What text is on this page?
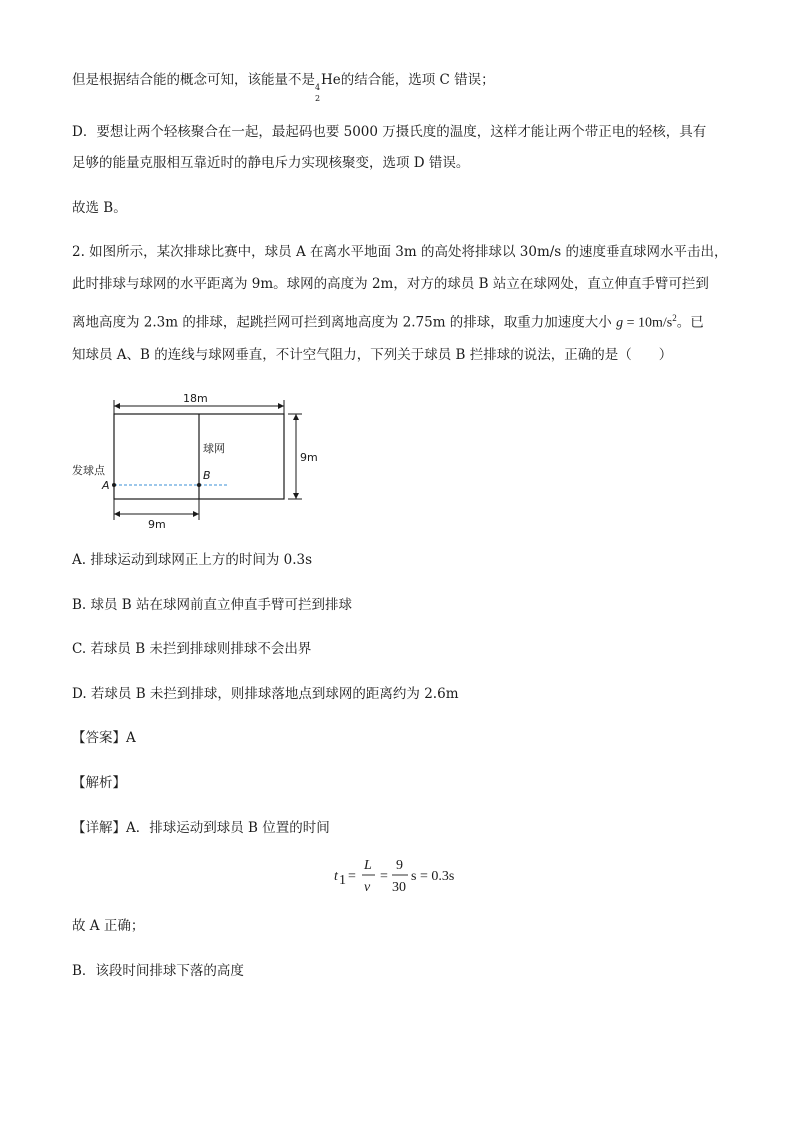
但是根据结合能的概念可知，该能量不是 4
2
He的结合能，选项 C 错误；
D．要想让两个轻核聚合在一起，最起码也要 5000 万摄氏度的温度，这样才能让两个带正电的轻核，具有
足够的能量克服相互靠近时的静电斥力实现核聚变，选项 D 错误。
故选 B。
2. 如图所示，某次排球比赛中，球员 A 在离水平地面 3m 的高处将排球以 30m/s 的速度垂直球网水平击出，
此时排球与球网的水平距离为 9m。球网的高度为 2m，对方的球员 B 站立在球网处，直立伸直手臂可拦到
离地高度为 2.3m 的排球，起跳拦网可拦到离地高度为 2.75m 的排球，取重力加速度大小 $g = 10m/s^2$。已
知球员 A、B 的连线与球网垂直，不计空气阻力，下列关于球员 B 拦排球的说法，正确的是（　　）
18m
球网
9m
发球点
A
B
9m
A. 排球运动到球网正上方的时间为 0.3s
B. 球员 B 站在球网前直立伸直手臂可拦到排球
C. 若球员 B 未拦到排球则排球不会出界
D. 若球员 B 未拦到排球，则排球落地点到球网的距离约为 2.6m
【答案】A
【解析】
【详解】A．排球运动到球员 B 位置的时间
t 1 =
L
v
=
9
30
s = 0.3s
故 A 正确；
B．该段时间排球下落的高度
